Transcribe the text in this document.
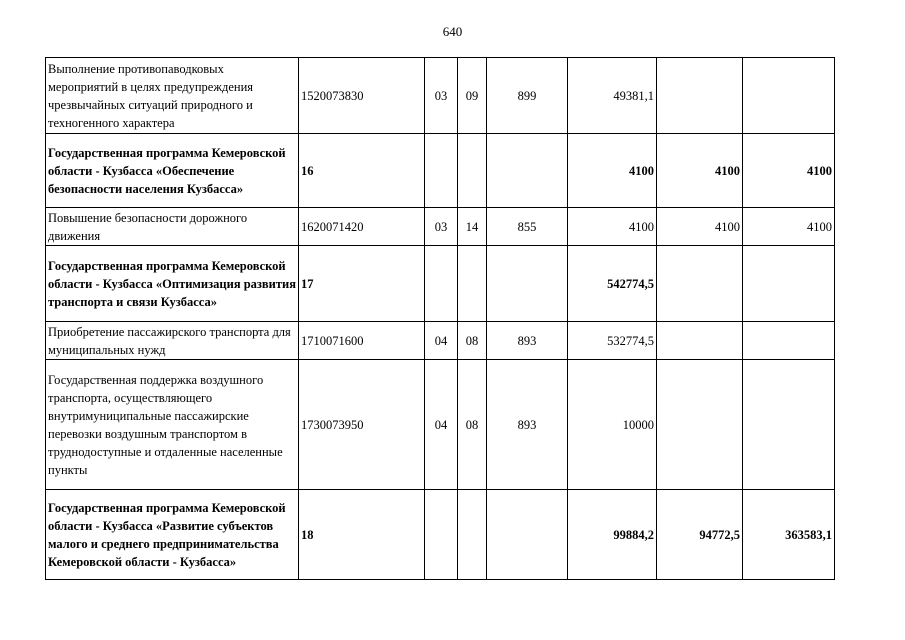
640
Выполнение противопаводковых мероприятий в целях предупреждения чрезвычайных ситуаций природного и техногенного характера	1520073830	03	09	899	49381,1		
Государственная программа Кемеровской области - Кузбасса «Обеспечение безопасности населения Кузбасса»	16				4100	4100	4100
Повышение безопасности дорожного движения	1620071420	03	14	855	4100	4100	4100
Государственная программа Кемеровской области - Кузбасса «Оптимизация развития транспорта и связи Кузбасса»	17				542774,5		
Приобретение пассажирского транспорта для муниципальных нужд	1710071600	04	08	893	532774,5		
Государственная поддержка воздушного транспорта, осуществляющего внутримуниципальные пассажирские перевозки воздушным транспортом в труднодоступные и отдаленные населенные пункты	1730073950	04	08	893	10000		
Государственная программа Кемеровской области - Кузбасса «Развитие субъектов малого и среднего предпринимательства Кемеровской области - Кузбасса»	18				99884,2	94772,5	363583,1
